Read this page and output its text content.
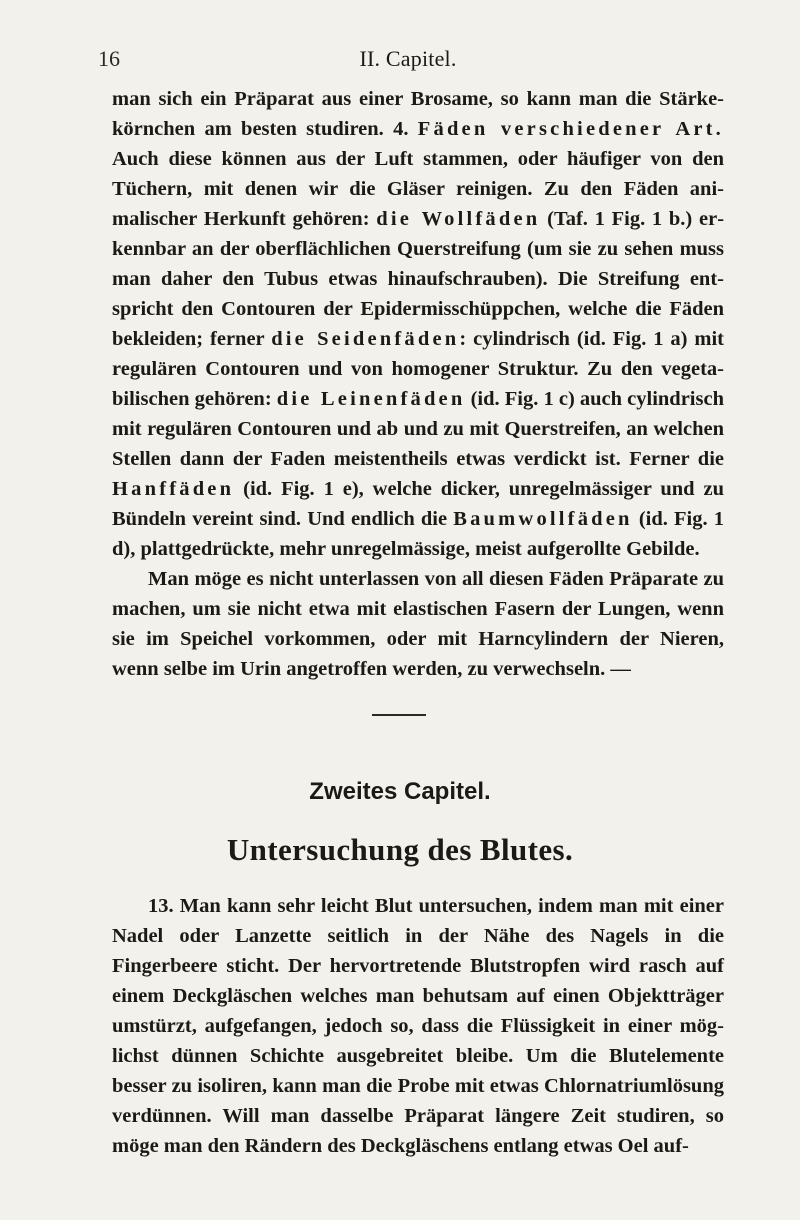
16	II. Capitel.

man sich ein Präparat aus einer Brosame, so kann man die Stärkekörnchen am besten studiren. 4. Fäden verschiedener Art. Auch diese können aus der Luft stammen, oder häufiger von den Tüchern, mit denen wir die Gläser reinigen. Zu den Fäden animalischer Herkunft gehören: die Wollfäden (Taf. 1 Fig. 1 b.) erkennbar an der oberflächlichen Querstreifung (um sie zu sehen muss man daher den Tubus etwas hinaufschrauben). Die Streifung entspricht den Contouren der Epidermisschüppchen, welche die Fäden bekleiden; ferner die Seidenfäden: cylindrisch (id. Fig. 1 a) mit regulären Contouren und von homogener Struktur. Zu den vegetabilischen gehören: die Leinenfäden (id. Fig. 1 c) auch cylindrisch mit regulären Contouren und ab und zu mit Querstreifen, an welchen Stellen dann der Faden meistentheils etwas verdickt ist. Ferner die Hanffäden (id. Fig. 1 e), welche dicker, unregelmässiger und zu Bündeln vereint sind. Und endlich die Baumwollfäden (id. Fig. 1 d), plattgedrückte, mehr unregelmässige, meist aufgerollte Gebilde.

Man möge es nicht unterlassen von all diesen Fäden Präparate zu machen, um sie nicht etwa mit elastischen Fasern der Lungen, wenn sie im Speichel vorkommen, oder mit Harncylindern der Nieren, wenn selbe im Urin angetroffen werden, zu verwechseln. —

Zweites Capitel.
Untersuchung des Blutes.

13. Man kann sehr leicht Blut untersuchen, indem man mit einer Nadel oder Lanzette seitlich in der Nähe des Nagels in die Fingerbeere sticht. Der hervortretende Blutstropfen wird rasch auf einem Deckgläschen welches man behutsam auf einen Objektträger umstürzt, aufgefangen, jedoch so, dass die Flüssigkeit in einer möglichst dünnen Schichte ausgebreitet bleibe. Um die Blutelemente besser zu isoliren, kann man die Probe mit etwas Chlornatriumlösung verdünnen. Will man dasselbe Präparat längere Zeit studiren, so möge man den Rändern des Deckgläschens entlang etwas Oel auf-
